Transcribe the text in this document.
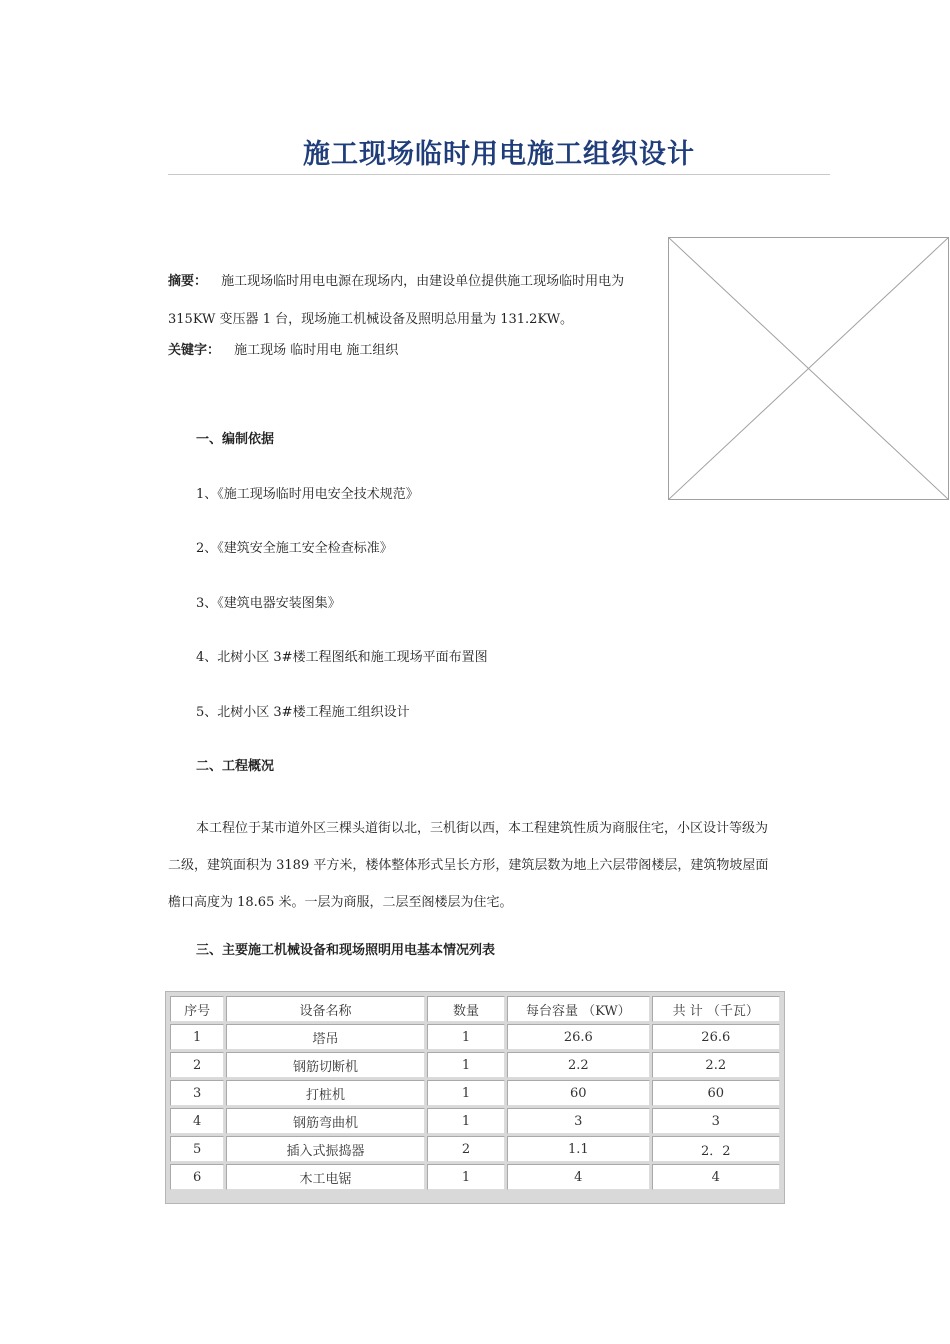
施工现场临时用电施工组织设计
摘要： 施工现场临时用电电源在现场内，由建设单位提供施工现场临时用电为
315KW 变压器 1 台，现场施工机械设备及照明总用量为 131.2KW。
关键字： 施工现场 临时用电 施工组织
一、编制依据
1、《施工现场临时用电安全技术规范》
2、《建筑安全施工安全检查标准》
3、《建筑电器安装图集》
4、北树小区 3#楼工程图纸和施工现场平面布置图
5、北树小区 3#楼工程施工组织设计
二、工程概况
本工程位于某市道外区三棵头道街以北，三机街以西，本工程建筑性质为商服住宅，小区设计等级为二级，建筑面积为 3189 平方米，楼体整体形式呈长方形，建筑层数为地上六层带阁楼层，建筑物坡屋面檐口高度为 18.65 米。一层为商服，二层至阁楼层为住宅。
三、主要施工机械设备和现场照明用电基本情况列表
序号	设备名称	数量	每台容量 （KW）	共 计 （千瓦）
1	塔吊	1	26.6	26.6
2	钢筋切断机	1	2.2	2.2
3	打桩机	1	60	60
4	钢筋弯曲机	1	3	3
5	插入式振捣器	2	1.1	2．2
6	木工电锯	1	4	4
